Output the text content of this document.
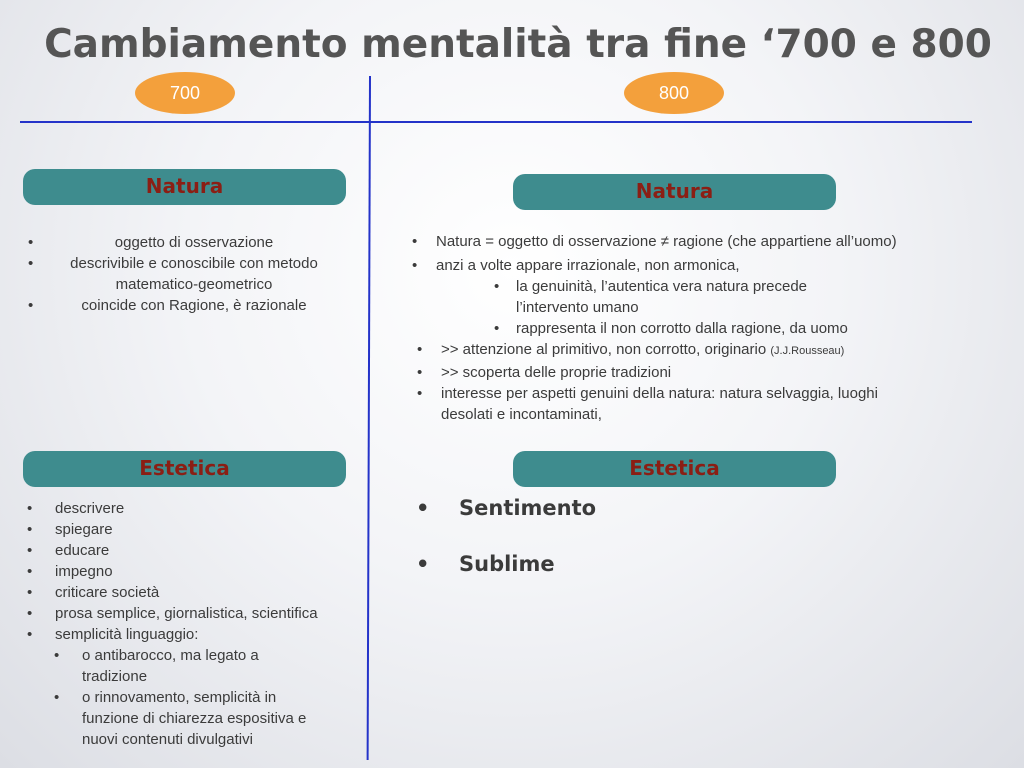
Cambiamento mentalità tra fine ‘700 e 800
700	800
Natura
•	oggetto di osservazione
• descrivibile e conoscibile con metodo matematico-geometrico
•	coincide con Ragione, è razionale
Natura
• Natura = oggetto di osservazione ≠ ragione (che appartiene all’uomo)
• anzi a volte appare irrazionale, non armonica,
• la genuinità, l’autentica vera natura precede l’intervento umano
• rappresenta il non corrotto dalla ragione, da uomo
• >> attenzione al primitivo, non corrotto, originario (J.J.Rousseau)
• >> scoperta delle proprie tradizioni
• interesse per aspetti genuini della natura: natura selvaggia, luoghi desolati e incontaminati,
Estetica
• descrivere
• spiegare
• educare
• impegno
• criticare società
• prosa semplice, giornalistica, scientifica
• semplicità linguaggio:
• o antibarocco, ma legato a tradizione
• o rinnovamento, semplicità in funzione di chiarezza espositiva e nuovi contenuti divulgativi
Estetica
• Sentimento
• Sublime
